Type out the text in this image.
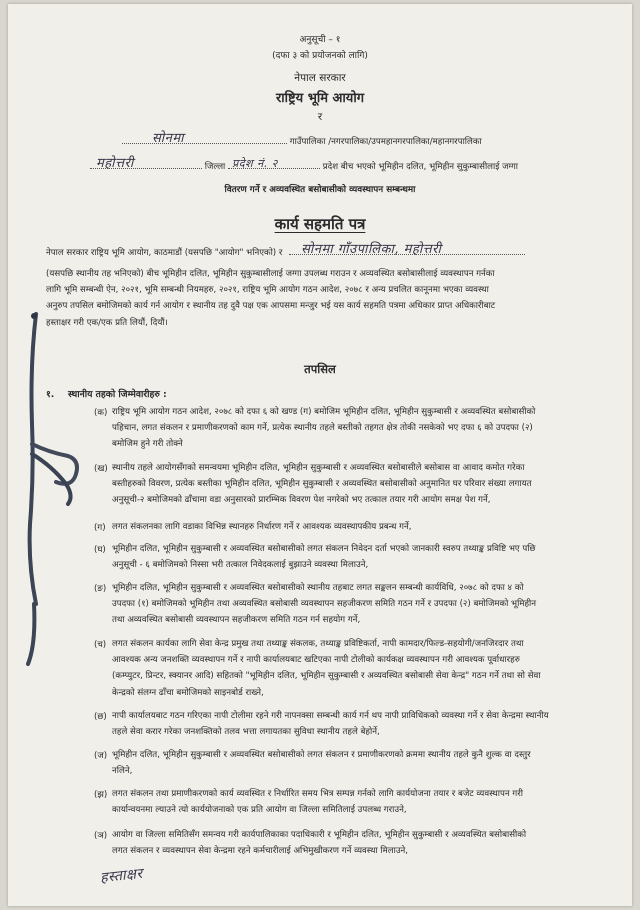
अनुसूची – १
(दफा ३ को प्रयोजनको लागि)
नेपाल सरकार
राष्ट्रिय भूमि आयोग
र
सोनमा	गाउँपालिका /नगरपालिका/उपमहानगरपालिका/महानगरपालिका
महोत्तरी	जिल्ला प्रदेश नं. २	प्रदेश बीच भएको भूमिहीन दलित, भूमिहीन सुकुम्बासीलाई जग्गा
वितरण गर्ने र अव्यवस्थित बसोबासीको व्यवस्थापन सम्बन्धमा
कार्य सहमति पत्र
नेपाल सरकार राष्ट्रिय भूमि आयोग, काठमाडौं (यसपछि "आयोग" भनिएको) र सोनमा गाँउपालिका, महोत्तरी
(यसपछि स्थानीय तह भनिएको) बीच भूमिहीन दलित, भूमिहीन सुकुम्बासीलाई जग्गा उपलब्ध गराउन र अव्यवस्थित बसोबासीलाई व्यवस्थापन गर्नका
लागि भूमि सम्बन्धी ऐन, २०२१, भूमि सम्बन्धी नियमहरु, २०२१, राष्ट्रिय भूमि आयोग गठन आदेश, २०७८ र अन्य प्रचलित कानूनमा भएका व्यवस्था
अनुरुप तपसिल बमोजिमको कार्य गर्न आयोग र स्थानीय तह दुवै पक्ष एक आपसमा मन्जुर भई यस कार्य सहमति पत्रमा अधिकार प्राप्त अधिकारीबाट
हस्ताक्षर गरी एक/एक प्रति लियौं, दिय‍ौं।
तपसिल
१. स्थानीय तहको जिम्मेवारीहरु :
(क) राष्ट्रिय भूमि आयोग गठन आदेश, २०७८ को दफा ६ को खण्ड (ग) बमोजिम भूमिहीन दलित, भूमिहीन सुकुम्बासी र अव्यवस्थित बसोबासीको
पहिचान, लगत संकलन र प्रमाणीकरणको काम गर्ने, प्रत्येक स्थानीय तहले बस्तीको तहगत क्षेत्र तोकी नसकेको भए दफा ६ को उपदफा (२)
बमोजिम हुने गरी तोक्ने
(ख) स्थानीय तहले आयोगसँगको समन्वयमा भूमिहीन दलित, भूमिहीन सुकुम्बासी र अव्यवस्थित बसोबासीले बसोबास वा आवाद कमोत गरेका
बस्तीहरुको विवरण, प्रत्येक बस्तीका भूमिहीन दलित, भूमिहीन सुकुम्बासी र अव्यवस्थित बसोबासीको अनुमानित घर परिवार संख्या लगायत
अनुसूची-२ बमोजिमको ढाँचामा वडा अनुसारको प्रारम्भिक विवरण पेश नगरेको भए तत्काल तयार गरी आयोग समक्ष पेश गर्ने,
(ग) लगत संकलनका लागि वडाका विभिन्न स्थानहरु निर्धारण गर्ने र आवश्यक व्यवस्थापकीय प्रबन्ध गर्ने,
(घ) भूमिहीन दलित, भूमिहीन सुकुम्बासी र अव्यवस्थित बसोबासीको लगत संकलन निवेदन दर्ता भएको जानकारी स्वरुप तथ्याङ्क प्रविष्टि भए पछि
अनुसूची - ६ बमोजिमको निस्सा भरी तत्काल निवेदकलाई बुझाउने व्यवस्था मिलाउने,
(ङ) भूमिहीन दलित, भूमिहीन सुकुम्बासी र अव्यवस्थित बसोबासीको स्थानीय तहबाट लगत सङ्कलन सम्बन्धी कार्यविधि, २०७८ को दफा ४ को
उपदफा (१) बमोजिमको भूमिहीन तथा अव्यवस्थित बसोबासी व्यवस्थापन सहजीकरण समिति गठन गर्ने र उपदफा (२) बमोजिमको भूमिहीन
तथा अव्यवस्थित बसोबासी व्यवस्थापन सहजीकरण समिति गठन गर्न सहयोग गर्ने,
(च) लगत संकलन कार्यका लागि सेवा केन्द्र प्रमुख तथा तथ्याङ्क संकलक, तथ्याङ्क प्रविष्टिकर्ता, नापी कामदार/फिल्ड-सहयोगी/जनजिरदार तथा
आवश्यक अन्य जनशक्ति व्यवस्थापन गर्ने र नापी कार्यालयबाट खटिएका नापी टोलीको कार्यकक्ष व्यवस्थापन गरी आवश्यक पूर्वाधारहरु
(कम्प्युटर, प्रिन्टर, स्क्यानर आदि) सहितको "भूमिहीन दलित, भूमिहीन सुकुम्बासी र अव्यवस्थित बसोबासी सेवा केन्द्र" गठन गर्ने तथा सो सेवा
केन्द्रको संलग्न ढाँचा बमोजिमको साइनबोर्ड राख्ने,
(छ) नापी कार्यालयबाट गठन गरिएका नापी टोलीमा रहने गरी नापनक्सा सम्बन्धी कार्य गर्न थप नापी प्राविधिकको व्यवस्था गर्ने र सेवा केन्द्रमा स्थानीय
तहले सेवा करार गरेका जनशक्तिको तलव भत्ता लगायतका सुविधा स्थानीय तहले बेहोर्ने,
(ज) भूमिहीन दलित, भूमिहीन सुकुम्बासी र अव्यवस्थित बसोबासीको लगत संकलन र प्रमाणीकरणको क्रममा स्थानीय तहले कुनै शुल्क वा दस्तुर
नलिने,
(झ) लगत संकलन तथा प्रमाणीकरणको कार्य व्यवस्थित र निर्धारित समय भित्र सम्पन्न गर्नको लागि कार्ययोजना तयार र बजेट व्यवस्थापन गरी
कार्यान्वयनमा ल्याउने त्यो कार्ययोजनाको एक प्रति आयोग वा जिल्ला समितिलाई उपलब्ध गराउने,
(ञ) आयोग वा जिल्ला समितिसँग समन्वय गरी कार्यपालिकाका पदाधिकारी र भूमिहीन दलित, भूमिहीन सुकुम्बासी र अव्यवस्थित बसोबासीको
लगत संकलन र व्यवस्थापन सेवा केन्द्रमा रहने कर्मचारीलाई अभिमुखीकरण गर्ने व्यवस्था मिलाउने,
हस्ताक्षर
